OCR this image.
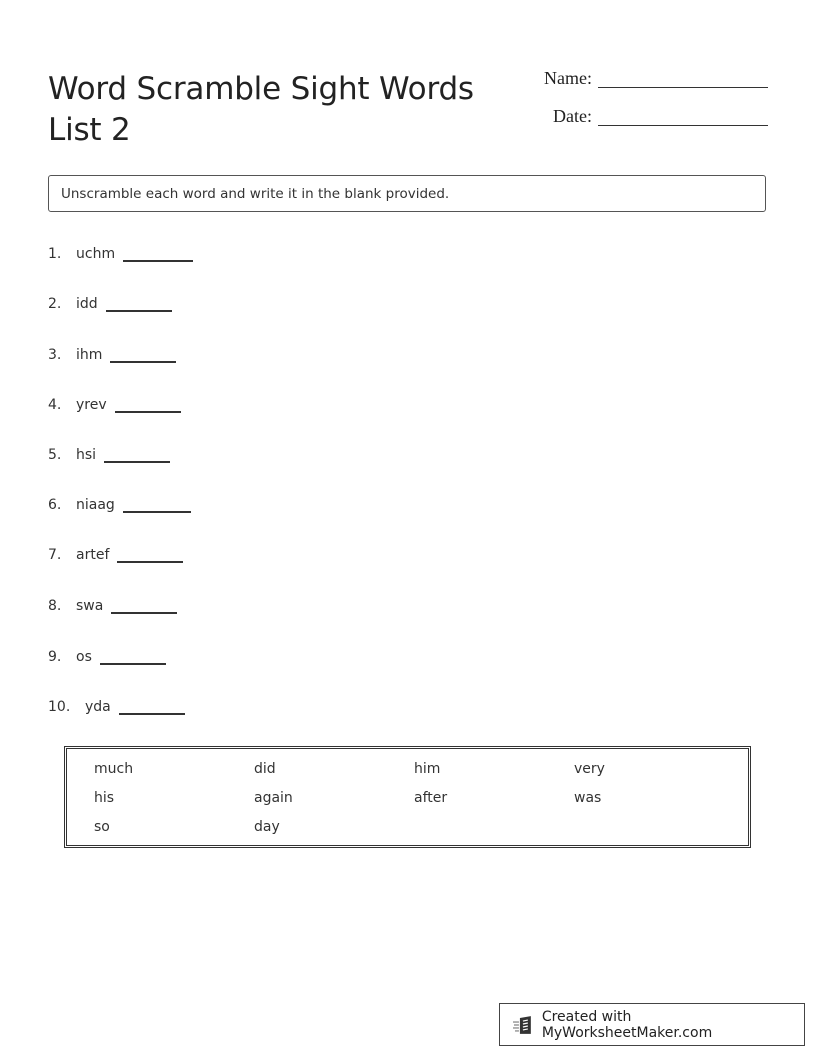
Word Scramble Sight Words List 2
Name:
Date:
Unscramble each word and write it in the blank provided.
1.	uchm
2.	idd
3.	ihm
4.	yrev
5.	hsi
6.	niaag
7.	artef
8.	swa
9.	os
10.	yda
much	did	him	very
his	again	after	was
so	day
Created with MyWorksheetMaker.com
